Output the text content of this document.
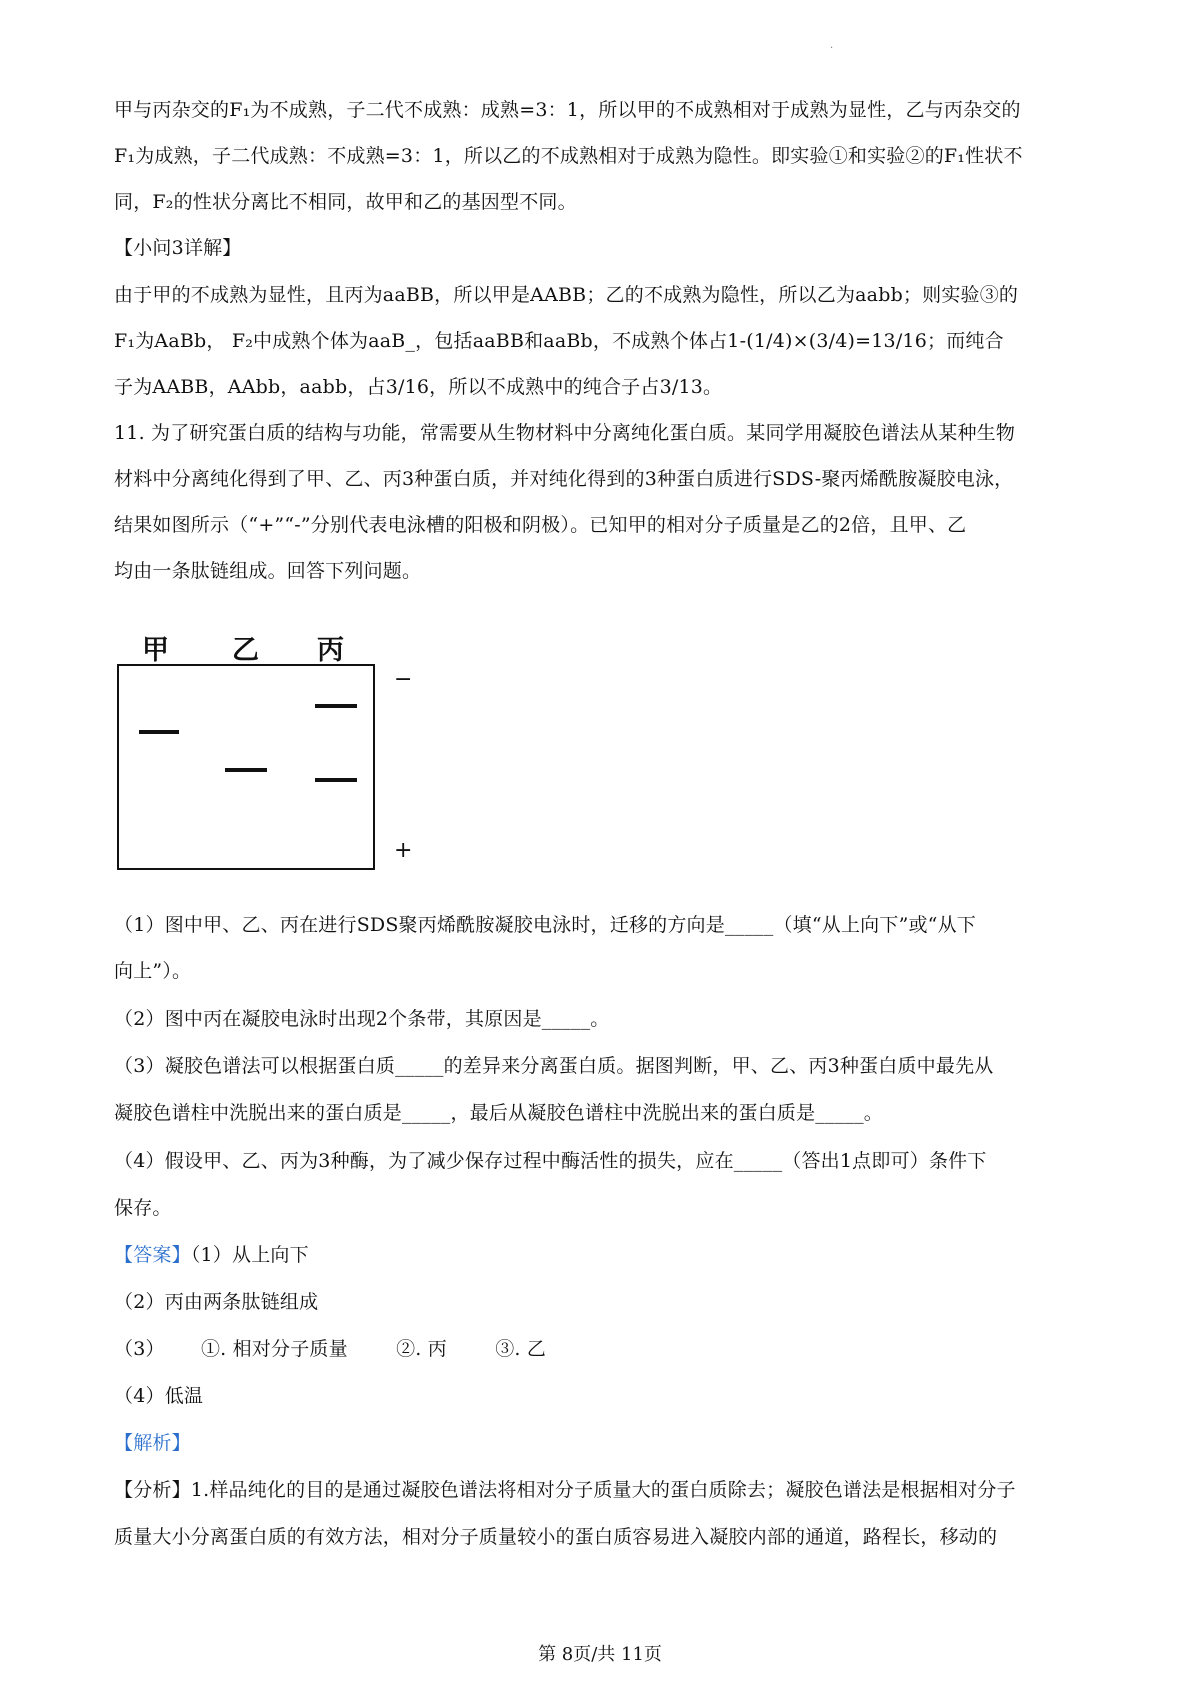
.
甲与丙杂交的F₁为不成熟，子二代不成熟：成熟=3：1，所以甲的不成熟相对于成熟为显性，乙与丙杂交的
F₁为成熟，子二代成熟：不成熟=3：1，所以乙的不成熟相对于成熟为隐性。即实验①和实验②的F₁性状不
同，F₂的性状分离比不相同，故甲和乙的基因型不同。
【小问3详解】
由于甲的不成熟为显性，且丙为aaBB，所以甲是AABB；乙的不成熟为隐性，所以乙为aabb；则实验③的
F₁为AaBb， F₂中成熟个体为aaB_，包括aaBB和aaBb，不成熟个体占1-(1/4)×(3/4)=13/16；而纯合
子为AABB，AAbb，aabb，占3/16，所以不成熟中的纯合子占3/13。
11. 为了研究蛋白质的结构与功能，常需要从生物材料中分离纯化蛋白质。某同学用凝胶色谱法从某种生物
材料中分离纯化得到了甲、乙、丙3种蛋白质，并对纯化得到的3种蛋白质进行SDS-聚丙烯酰胺凝胶电泳，
结果如图所示（“+”“-”分别代表电泳槽的阳极和阴极）。已知甲的相对分子质量是乙的2倍，且甲、乙
均由一条肽链组成。回答下列问题。
甲 乙 丙
−
+
（1）图中甲、乙、丙在进行SDS聚丙烯酰胺凝胶电泳时，迁移的方向是_____（填“从上向下”或“从下
向上”）。
（2）图中丙在凝胶电泳时出现2个条带，其原因是_____。
（3）凝胶色谱法可以根据蛋白质_____的差异来分离蛋白质。据图判断，甲、乙、丙3种蛋白质中最先从
凝胶色谱柱中洗脱出来的蛋白质是_____，最后从凝胶色谱柱中洗脱出来的蛋白质是_____。
（4）假设甲、乙、丙为3种酶，为了减少保存过程中酶活性的损失，应在_____（答出1点即可）条件下
保存。
【答案】（1）从上向下
（2）丙由两条肽链组成
（3） ①. 相对分子质量	②. 丙	③. 乙
（4）低温
【解析】
【分析】1.样品纯化的目的是通过凝胶色谱法将相对分子质量大的蛋白质除去；凝胶色谱法是根据相对分子
质量大小分离蛋白质的有效方法，相对分子质量较小的蛋白质容易进入凝胶内部的通道，路程长，移动的
第 8页/共 11页
